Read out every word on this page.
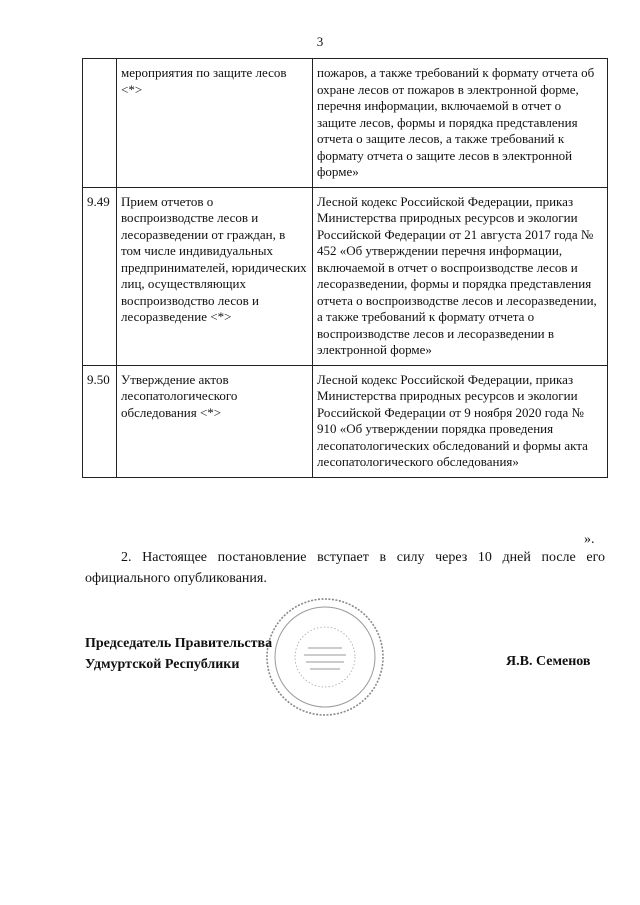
3
	мероприятия по защите лесов <*>	пожаров, а также требований к формату отчета об охране лесов от пожаров в электронной форме, перечня информации, включаемой в отчет о защите лесов, формы и порядка представления отчета о защите лесов, а также требований к формату отчета о защите лесов в электронной форме»
9.49	Прием отчетов о воспроизводстве лесов и лесоразведении от граждан, в том числе индивидуальных предпринимателей, юридических лиц, осуществляющих воспроизводство лесов и лесоразведение <*>	Лесной кодекс Российской Федерации, приказ Министерства природных ресурсов и экологии Российской Федерации от 21 августа 2017 года № 452 «Об утверждении перечня информации, включаемой в отчет о воспроизводстве лесов и лесоразведении, формы и порядка представления отчета о воспроизводстве лесов и лесоразведении, а также требований к формату отчета о воспроизводстве лесов и лесоразведении в электронной форме»
9.50	Утверждение актов лесопатологического обследования <*>	Лесной кодекс Российской Федерации, приказ Министерства природных ресурсов и экологии Российской Федерации от 9 ноября 2020 года № 910 «Об утверждении порядка проведения лесопатологических обследований и формы акта лесопатологического обследования»
».
2. Настоящее постановление вступает в силу через 10 дней после его официального опубликования.
Председатель Правительства
Удмуртской Республики	Я.В. Семенов
